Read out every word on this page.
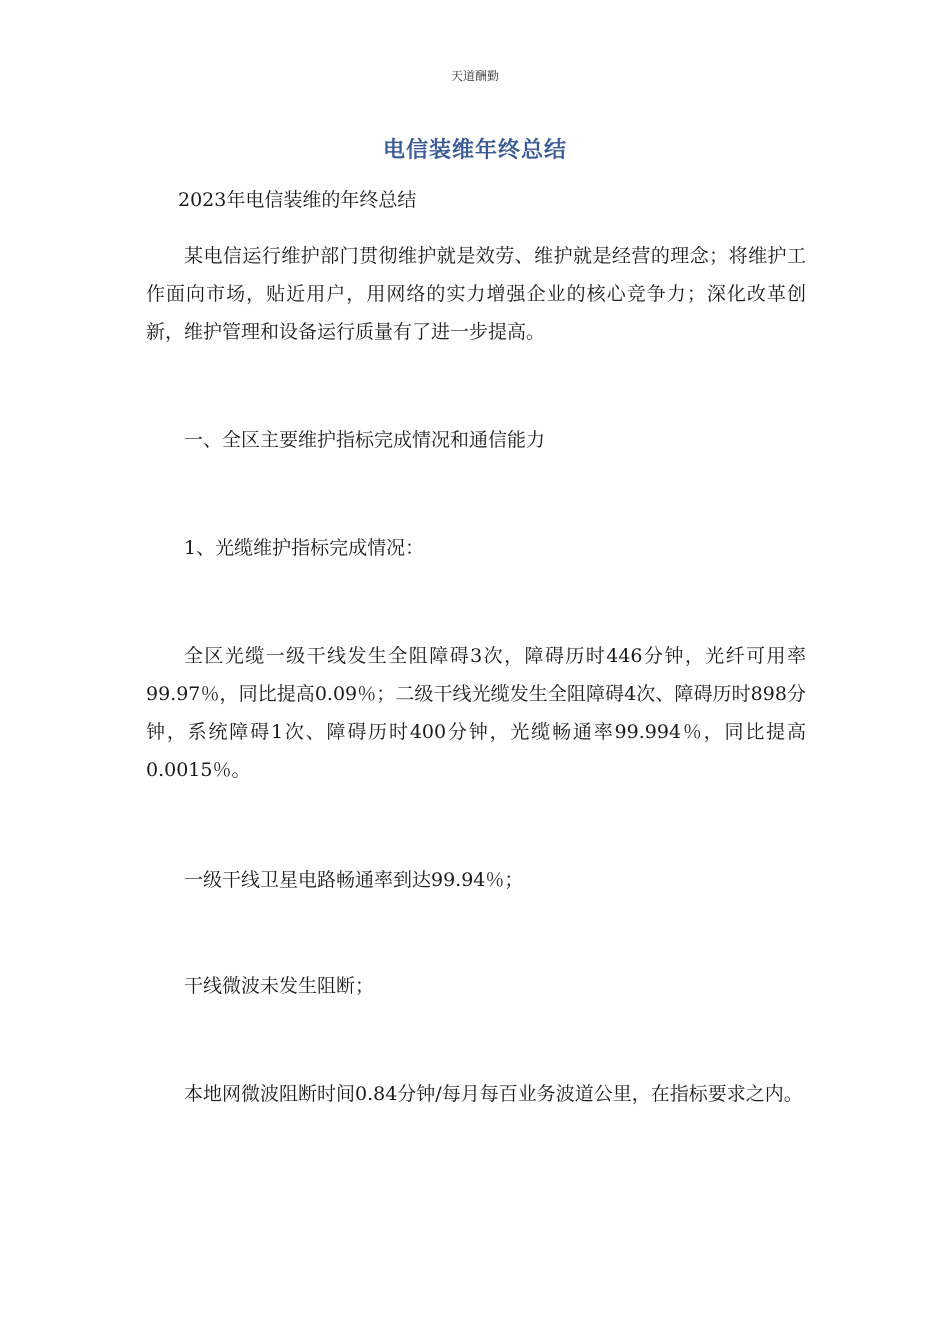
天道酬勤
电信装维年终总结

2023年电信装维的年终总结

某电信运行维护部门贯彻维护就是效劳、维护就是经营的理念；将维护工作面向市场，贴近用户，用网络的实力增强企业的核心竞争力；深化改革创新，维护管理和设备运行质量有了进一步提高。

一、全区主要维护指标完成情况和通信能力

1、光缆维护指标完成情况：

全区光缆一级干线发生全阻障碍3次，障碍历时446分钟，光纤可用率99.97％，同比提高0.09％；二级干线光缆发生全阻障碍4次、障碍历时898分钟，系统障碍1次、障碍历时400分钟，光缆畅通率99.994％，同比提高0.0015％。

一级干线卫星电路畅通率到达99.94％；

干线微波未发生阻断；

本地网微波阻断时间0.84分钟/每月每百业务波道公里，在指标要求之内。
